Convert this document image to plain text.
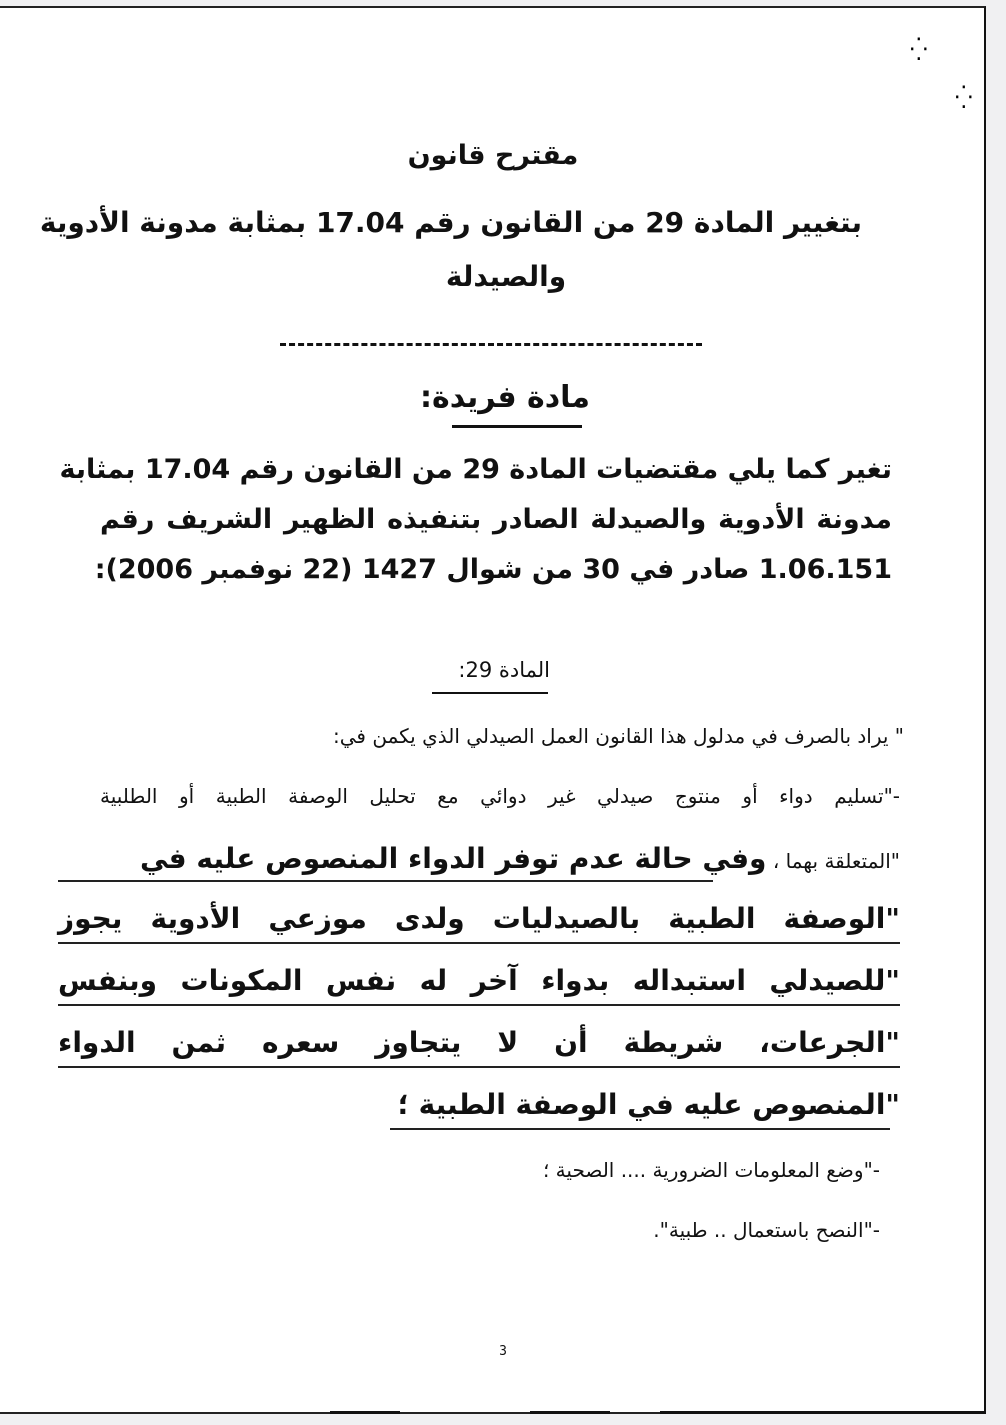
⁛
⁛
مقترح قانون
بتغيير المادة 29 من القانون رقم 17.04 بمثابة مدونة الأدوية
والصيدلة
مادة فريدة:
تغير كما يلي مقتضيات المادة 29 من القانون رقم 17.04 بمثابة
مدونة الأدوية والصيدلة الصادر بتنفيذه الظهير الشريف رقم
1.06.151 صادر في 30 من شوال 1427 (22 نوفمبر 2006):
المادة 29:
" يراد بالصرف في مدلول هذا القانون العمل الصيدلي الذي يكمن في:
-"تسليم دواء أو منتوج صيدلي غير دوائي مع تحليل الوصفة الطبية أو الطلبية
"المتعلقة بهما ، وفي حالة عدم توفر الدواء المنصوص عليه في
"الوصفة الطبية بالصيدليات ولدى موزعي الأدوية يجوز
"للصيدلي استبداله بدواء آخر له نفس المكونات وبنفس
"الجرعات، شريطة أن لا يتجاوز سعره ثمن الدواء
"المنصوص عليه في الوصفة الطبية ؛
-"وضع المعلومات الضرورية .... الصحية ؛
-"النصح باستعمال .. طبية".
3
